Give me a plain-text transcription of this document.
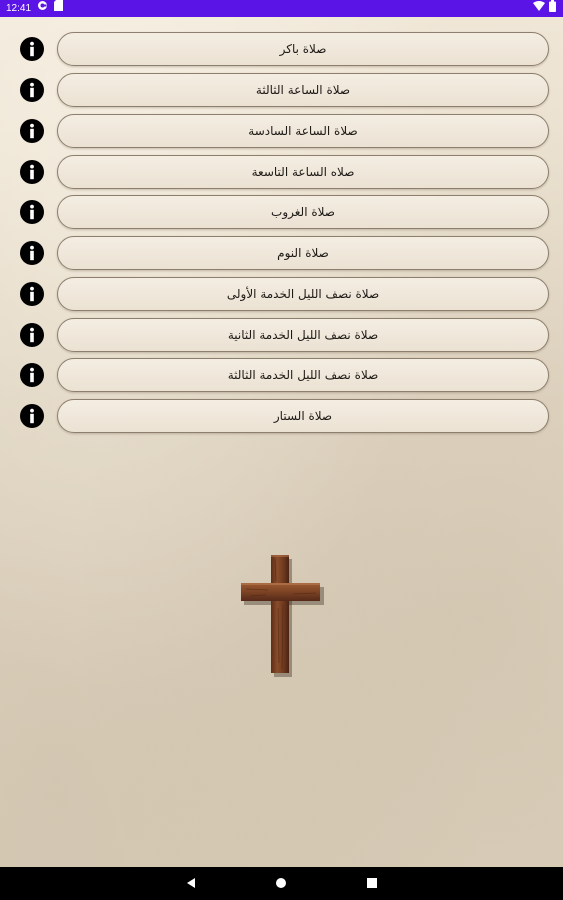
12:41
صلاة باكر
صلاة الساعة الثالثة
صلاة الساعة السادسة
صلاه الساعة التاسعة
صلاة الغروب
صلاة النوم
صلاة نصف الليل الخدمة الأولى
صلاة نصف الليل الخدمة الثانية
صلاة نصف الليل الخدمة الثالثة
صلاة الستار
